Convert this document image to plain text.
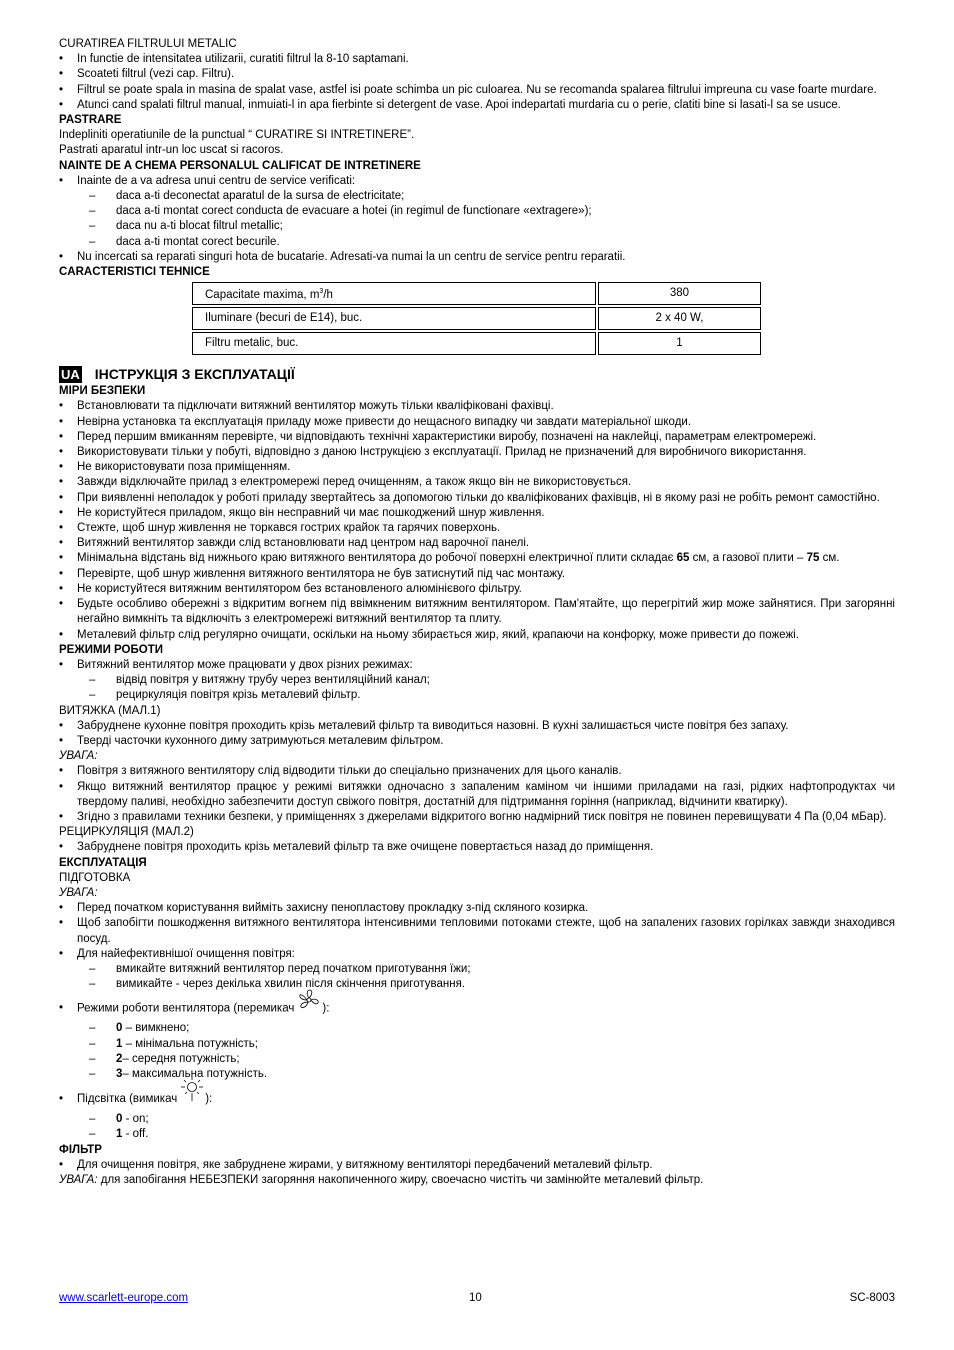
CURATIREA FILTRULUI METALIC

• In functie de intensitatea utilizarii, curatiti filtrul la 8-10 saptamani.
• Scoateti filtrul (vezi cap. Filtru).
• Filtrul se poate spala in masina de spalat vase, astfel isi poate schimba un pic culoarea. Nu se recomanda spalarea filtrului impreuna cu vase foarte murdare.
• Atunci cand spalati filtrul manual, inmuiati-l in apa fierbinte si detergent de vase. Apoi indepartati murdaria cu o perie, clatiti bine si lasati-l sa se usuce.

PASTRARE

Indepliniti operatiunile de la punctual “ CURATIRE SI INTRETINERE”.

Pastrati aparatul intr-un loc uscat si racoros.

NAINTE DE A CHEMA PERSONALUL CALIFICAT DE INTRETINERE

• Inainte de a va adresa unui centru de service verificati:
– daca a-ti deconectat aparatul de la sursa de electricitate;
– daca a-ti montat corect conducta de evacuare a hotei (in regimul de functionare «extragere»);
– daca nu a-ti blocat filtrul metallic;
– daca a-ti montat corect becurile.
• Nu incercati sa reparati singuri hota de bucatarie. Adresati-va numai la un centru de service pentru reparatii.

CARACTERISTICI TEHNICE

Capacitate maxima, $m^3/h$	380
Iluminare (becuri de E14), buc.	2 x 40 W,
Filtru metalic, buc.	1
UA ІНСТРУКЦІЯ З ЕКСПЛУАТАЦІЇ

МІРИ БЕЗПЕКИ

• Встановлювати та підключати витяжний вентилятор можуть тільки кваліфіковані фахівці.
• Невірна установка та експлуатація приладу може привести до нещасного випадку чи завдати матеріальної шкоди.
• Перед першим вмиканням перевірте, чи відповідають технічні характеристики виробу, позначені на наклейці, параметрам електромережі.
• Використовувати тільки у побуті, відповідно з даною Інструкцією з експлуатації. Прилад не призначений для виробничого використання.
• Не використовувати поза приміщенням.
• Завжди відключайте прилад з електромережі перед очищенням, а також якщо він не використовується.
• При виявленні неполадок у роботі приладу звертайтесь за допомогою тільки до кваліфікованих фахівців, ні в якому разі не робіть ремонт самостійно.
• Не користуйтеся приладом, якщо він несправний чи має пошкоджений шнур живлення.
• Стежте, щоб шнур живлення не торкався гострих крайок та гарячих поверхонь.
• Витяжний вентилятор завжди слід встановлювати над центром над варочної панелі.
• Мінімальна відстань від нижнього краю витяжного вентилятора до робочої поверхні електричної плити складає 65 см, а газової плити – 75 см.
• Перевірте, щоб шнур живлення витяжного вентилятора не був затиснутий під час монтажу.
• Не користуйтеся витяжним вентилятором без встановленого алюмінієвого фільтру.
• Будьте особливо обережні з відкритим вогнем під ввімкненим витяжним вентилятором. Пам'ятайте, що перегрітий жир може зайнятися. При загорянні негайно вимкніть та відключіть з електромережі витяжний вентилятор та плиту.
• Металевий фільтр слід регулярно очищати, оскільки на ньому збирається жир, який, крапаючи на конфорку, може привести до пожежі.

РЕЖИМИ РОБОТИ

• Витяжний вентилятор може працювати у двох різних режимах:
– відвід повітря у витяжну трубу через вентиляційний канал;
– рециркуляція повітря крізь металевий фільтр.

ВИТЯЖКА (МАЛ.1)

• Забруднене кухонне повітря проходить крізь металевий фільтр та виводиться назовні. В кухні залишається чисте повітря без запаху.
• Тверді часточки кухонного диму затримуються металевим фільтром.

УВАГА:

• Повітря з витяжного вентилятору слід відводити тільки до спеціально призначених для цього каналів.
• Якщо витяжний вентилятор працює у режимі витяжки одночасно з запаленим каміном чи іншими приладами на газі, рідких нафтопродуктах чи твердому паливі, необхідно забезпечити доступ свіжого повітря, достатній для підтримання горіння (наприклад, відчинити кватирку).
• Згідно з правилами техники безпеки, у приміщеннях з джерелами відкритого вогню надмірний тиск повітря не повинен перевищувати 4 Па (0,04 мБар).

РЕЦИРКУЛЯЦІЯ (МАЛ.2)

• Забруднене повітря проходить крізь металевий фільтр та вже очищене повертається назад до приміщення.

ЕКСПЛУАТАЦІЯ

ПІДГОТОВКА

УВАГА:

• Перед початком користування вийміть захисну пенопластову прокладку з-під скляного козирка.
• Щоб запобігти пошкодження витяжного вентилятора інтенсивними тепловими потоками стежте, щоб на запалених газових горілках завжди знаходився посуд.
• Для найефективнішої очищення повітря:
– вмикайте витяжний вентилятор перед початком приготування їжи;
– вимикайте - через декілька хвилин після скінчення приготування.
• Режими роботи вентилятора (перемикач ):
– 0 – вимкнено;
– 1 – мінімальна потужність;
– 2– середня потужність;
– 3– максимальна потужність.
• Підсвітка (вимикач ):
– 0 - on;
– 1 - off.

ФІЛЬТР

• Для очищення повітря, яке забруднене жирами, у витяжному вентиляторі передбачений металевий фільтр.

УВАГА: для запобігання НЕБЕЗПЕКИ загоряння накопиченного жиру, своечасно чистіть чи замінюйте металевий фільтр.

www.scarlett-europe.com	10	SC-8003
